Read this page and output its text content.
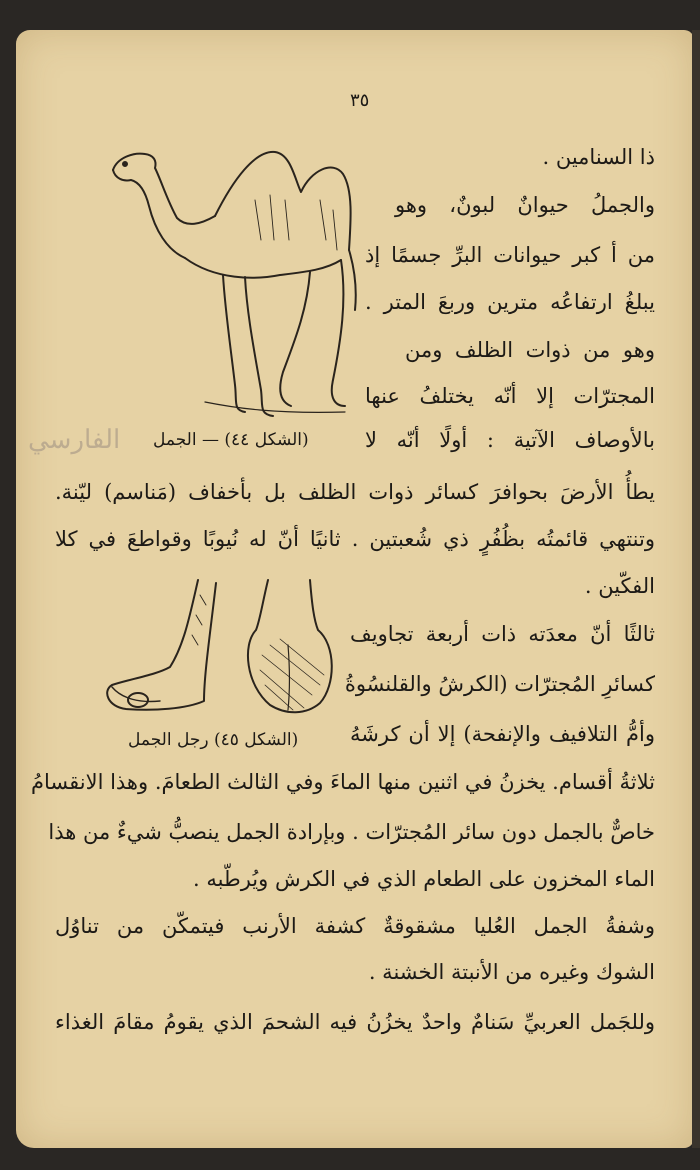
٣٥
(الشكل ٤٤) — الجمل
الفارسي
(الشكل ٤٥) رجل الجمل
ذا السنامين .
والجملُ حيوانٌ لبونٌ، وهو
من أ كبر حيوانات البرِّ جسمًا إذ
يبلغُ ارتفاعُه مترين وربعَ المتر .
وهو من ذوات الظلف ومن
المجترّات إلا أنّه يختلفُ عنها
بالأوصاف الآتية : أولًا أنّه لا
يطأُ الأرضَ بحوافرَ كسائر ذوات الظلف بل بأخفاف (مَناسم) ليّنة.
وتنتهي قائمتُه بظُفُرٍ ذي شُعبتين . ثانيًا أنّ له نُيوبًا وقواطعَ في كلا
الفكّين .
ثالثًا أنّ معدَته ذات أربعة تجاويف
كسائرِ المُجترّات (الكرشُ والقلنسُوةُ
وأمُّ التلافيف والإنفحة) إلا أن كرشَهُ
ثلاثةُ أقسام. يخزنُ في اثنين منها الماءَ وفي الثالث الطعامَ. وهذا الانقسامُ
خاصٌّ بالجمل دون سائر المُجترّات . وبإرادة الجمل ينصبُّ شيءٌ من هذا
الماء المخزون على الطعام الذي في الكرش ويُرطّبه .
وشفةُ الجمل العُليا مشقوقةٌ كشفة الأرنب فيتمكّن من تناوُل
الشوك وغيره من الأنبتة الخشنة .
وللجَمل العربيِّ سَنامٌ واحدٌ يخزُنُ فيه الشحمَ الذي يقومُ مقامَ الغذاء
